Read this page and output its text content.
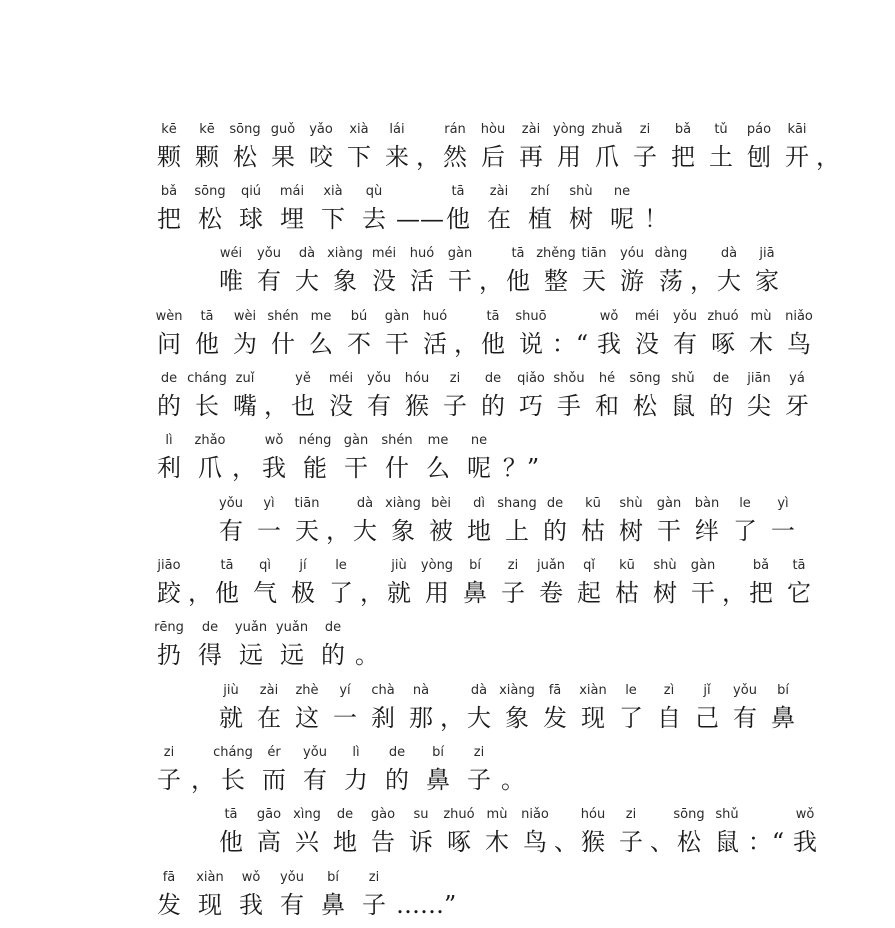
kē
颗
kē
颗
sōng
松
guǒ
果
yǎo
咬
xià
下
lái
来 ，
rán
然
hòu
后
zài
再
yòng
用
zhuǎ
爪
zi
子
bǎ
把
tǔ
土
páo
刨
kāi
开 ，
bǎ
把
sōng
松
qiú
球
mái
埋
xià
下
qù
去 ——
tā
他
zài
在
zhí
植
shù
树
ne
呢 ！
wéi
唯
yǒu
有
dà
大
xiàng
象
méi
没
huó
活
gàn
干 ，
tā
他
zhěng
整
tiān
天
yóu
游
dàng
荡 ，
dà
大
jiā
家
wèn
问
tā
他
wèi
为
shén
什
me
么
bú
不
gàn
干
huó
活 ，
tā
他
shuō
说 ：“
wǒ
我
méi
没
yǒu
有
zhuó
啄
mù
木
niǎo
鸟
de
的
cháng
长
zuǐ
嘴 ，
yě
也
méi
没
yǒu
有
hóu
猴
zi
子
de
的
qiǎo
巧
shǒu
手
hé
和
sōng
松
shǔ
鼠
de
的
jiān
尖
yá
牙
lì
利
zhǎo
爪 ，
wǒ
我
néng
能
gàn
干
shén
什
me
么
ne
呢 ？”
yǒu
有
yì
一
tiān
天 ，
dà
大
xiàng
象
bèi
被
dì
地
shang
上
de
的
kū
枯
shù
树
gàn
干
bàn
绊
le
了
yì
一
jiāo
跤 ，
tā
他
qì
气
jí
极
le
了 ，
jiù
就
yòng
用
bí
鼻
zi
子
juǎn
卷
qǐ
起
kū
枯
shù
树
gàn
干 ，
bǎ
把
tā
它
rēng
扔
de
得
yuǎn
远
yuǎn
远
de
的 。
jiù
就
zài
在
zhè
这
yí
一
chà
刹
nà
那 ，
dà
大
xiàng
象
fā
发
xiàn
现
le
了
zì
自
jǐ
己
yǒu
有
bí
鼻
zi
子 ，
cháng
长
ér
而
yǒu
有
lì
力
de
的
bí
鼻
zi
子 。
tā
他
gāo
高
xìng
兴
de
地
gào
告
su
诉
zhuó
啄
mù
木
niǎo
鸟 、
hóu
猴
zi
子 、
sōng
松
shǔ
鼠 ：“
wǒ
我
fā
发
xiàn
现
wǒ
我
yǒu
有
bí
鼻
zi
子 ……”
